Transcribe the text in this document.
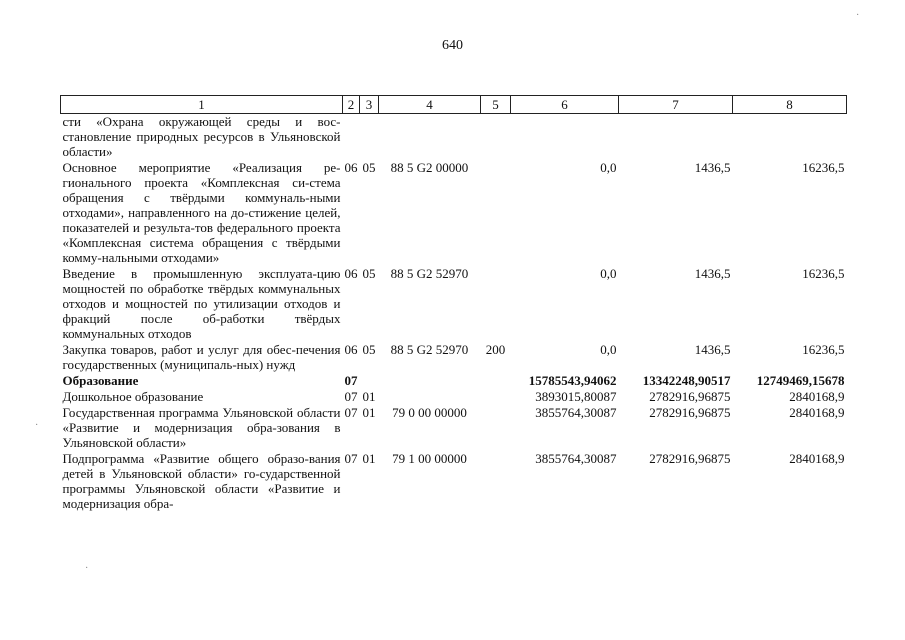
640
·
·
·
1	2	3	4	5	6	7	8
сти «Охрана окружающей среды и вос-становление природных ресурсов в Ульяновской области»							
Основное мероприятие «Реализация ре-гионального проекта «Комплексная си-стема обращения с твёрдыми коммуналь-ными отходами», направленного на до-стижение целей, показателей и результа-тов федерального проекта «Комплексная система обращения с твёрдыми комму-нальными отходами»	06	05	88 5 G2 00000		0,0	1436,5	16236,5
Введение в промышленную эксплуата-цию мощностей по обработке твёрдых коммунальных отходов и мощностей по утилизации отходов и фракций после об-работки твёрдых коммунальных отходов	06	05	88 5 G2 52970		0,0	1436,5	16236,5
Закупка товаров, работ и услуг для обес-печения государственных (муниципаль-ных) нужд	06	05	88 5 G2 52970	200	0,0	1436,5	16236,5
Образование	07				15785543,94062	13342248,90517	12749469,15678
Дошкольное образование	07	01			3893015,80087	2782916,96875	2840168,9
Государственная программа Ульяновской области «Развитие и модернизация обра-зования в Ульяновской области»	07	01	79 0 00 00000		3855764,30087	2782916,96875	2840168,9
Подпрограмма «Развитие общего образо-вания детей в Ульяновской области» го-сударственной программы Ульяновской области «Развитие и модернизация обра-	07	01	79 1 00 00000		3855764,30087	2782916,96875	2840168,9
